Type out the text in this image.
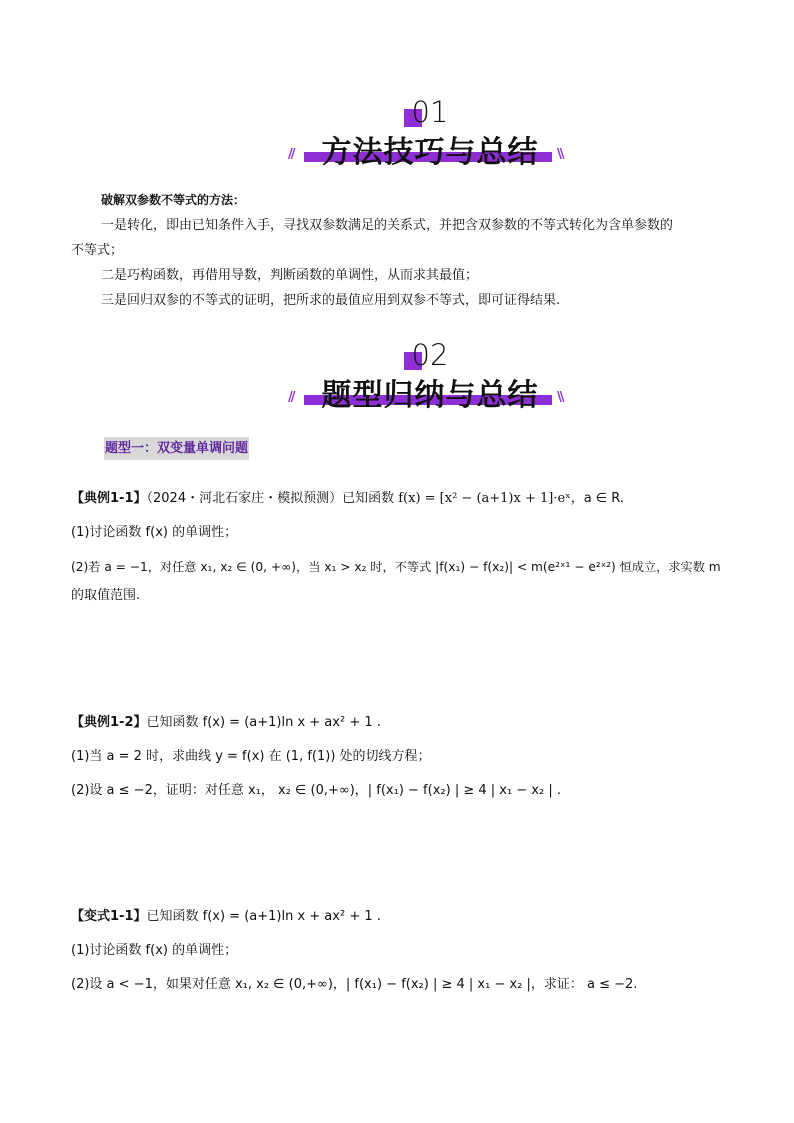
01
// 方法技巧与总结	\\
破解双参数不等式的方法：
一是转化，即由已知条件入手，寻找双参数满足的关系式，并把含双参数的不等式转化为含单参数的
不等式；
二是巧构函数，再借用导数，判断函数的单调性，从而求其最值；
三是回归双参的不等式的证明，把所求的最值应用到双参不等式，即可证得结果.
02
// 题型归纳与总结	\\
题型一：双变量单调问题
【典例1-1】（2024・河北石家庄・模拟预测）已知函数 f(x) = [x² − (a+1)x + 1]·eˣ，a ∈ R.
(1)讨论函数 f(x) 的单调性；
(2)若 a = −1，对任意 x₁, x₂ ∈ (0, +∞)，当 x₁ > x₂ 时，不等式 |f(x₁) − f(x₂)| < m(e²ˣ¹ − e²ˣ²) 恒成立，求实数 m
的取值范围.
【典例1-2】已知函数 f(x) = (a+1)ln x + ax² + 1 .
(1)当 a = 2 时，求曲线 y = f(x) 在 (1, f(1)) 处的切线方程；
(2)设 a ≤ −2，证明：对任意 x₁， x₂ ∈ (0,+∞)，| f(x₁) − f(x₂) | ≥ 4 | x₁ − x₂ | .
【变式1-1】已知函数 f(x) = (a+1)ln x + ax² + 1 .
(1)讨论函数 f(x) 的单调性；
(2)设 a < −1，如果对任意 x₁, x₂ ∈ (0,+∞)，| f(x₁) − f(x₂) | ≥ 4 | x₁ − x₂ |，求证： a ≤ −2.
